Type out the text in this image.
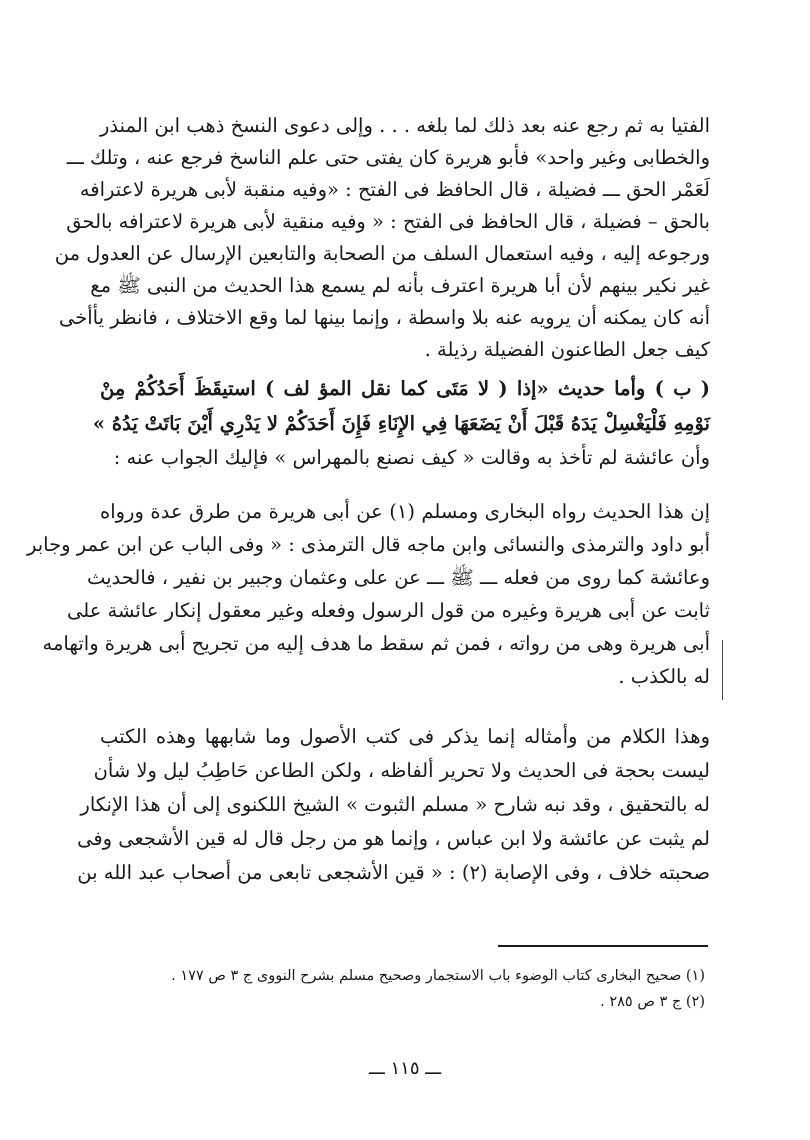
الفتيا به ثم رجع عنه بعد ذلك لما بلغه . . . وإلى دعوى النسخ ذهب ابن المنذر
والخطابى وغير واحد» فأبو هريرة كان يفتى حتى علم الناسخ فرجع عنه ، وتلك ـــ
لَعَمْر الحق ـــ فضيلة ، قال الحافظ فى الفتح : «وفيه منقبة لأبى هريرة لاعترافه
بالحق – فضيلة ، قال الحافظ فى الفتح : « وفيه منقية لأبى هريرة لاعترافه بالحق
ورجوعه إليه ، وفيه استعمال السلف من الصحابة والتابعين الإرسال عن العدول من
غير نكير بينهم لأن أبا هريرة اعترف بأنه لم يسمع هذا الحديث من النبى ﷺ مع
أنه كان يمكنه أن يرويه عنه بلا واسطة ، وإنما بينها لما وقع الاختلاف ، فانظر يأأخى
كيف جعل الطاعنون الفضيلة رذيلة .
( ب ) وأما حديث «إذا ( لا مَتَى كما نقل المؤ لف ) استيقَظَ أَحَدُكُمْ مِنْ
نَوْمِهِ فَلْيَغْسِلْ يَدَهُ قَبْلَ أَنْ يَضَعَهَا فِي الإِنَاءِ فَإِنَ أَحَدَكُمْ لا يَدْرِي أَيْنَ بَاتَتْ يَدُهُ »
وأن عائشة لم تأخذ به وقالت « كيف نصنع بالمهراس » فإليك الجواب عنه :
إن هذا الحديث رواه البخارى ومسلم (١) عن أبى هريرة من طرق عدة ورواه
أبو داود والترمذى والنسائى وابن ماجه قال الترمذى : « وفى الباب عن ابن عمر وجابر
وعائشة كما روى من فعله ـــ ﷺ ـــ عن على وعثمان وجبير بن نفير ، فالحديث
ثابت عن أبى هريرة وغيره من قول الرسول وفعله وغير معقول إنكار عائشة على
أبى هريرة وهى من رواته ، فمن ثم سقط ما هدف إليه من تجريح أبى هريرة واتهامه
له بالكذب .
وهذا الكلام من وأمثاله إنما يذكر فى كتب الأصول وما شابهها وهذه الكتب
ليست بحجة فى الحديث ولا تحرير ألفاظه ، ولكن الطاعن حَاطِبُ ليل ولا شأن
له بالتحقيق ، وقد نبه شارح « مسلم الثبوت » الشيخ اللكنوى إلى أن هذا الإنكار
لم يثبت عن عائشة ولا ابن عباس ، وإنما هو من رجل قال له قين الأشجعى وفى
صحبته خلاف ، وفى الإصابة (٢) : « قين الأشجعى تابعى من أصحاب عبد الله بن
(١) صحيح البخارى كتاب الوضوء باب الاستجمار وصحيح مسلم بشرح النووى ج ٣ ص ١٧٧ .
(٢) ج ٣ ص ٢٨٥ .
ـــ ١١٥ ـــ
